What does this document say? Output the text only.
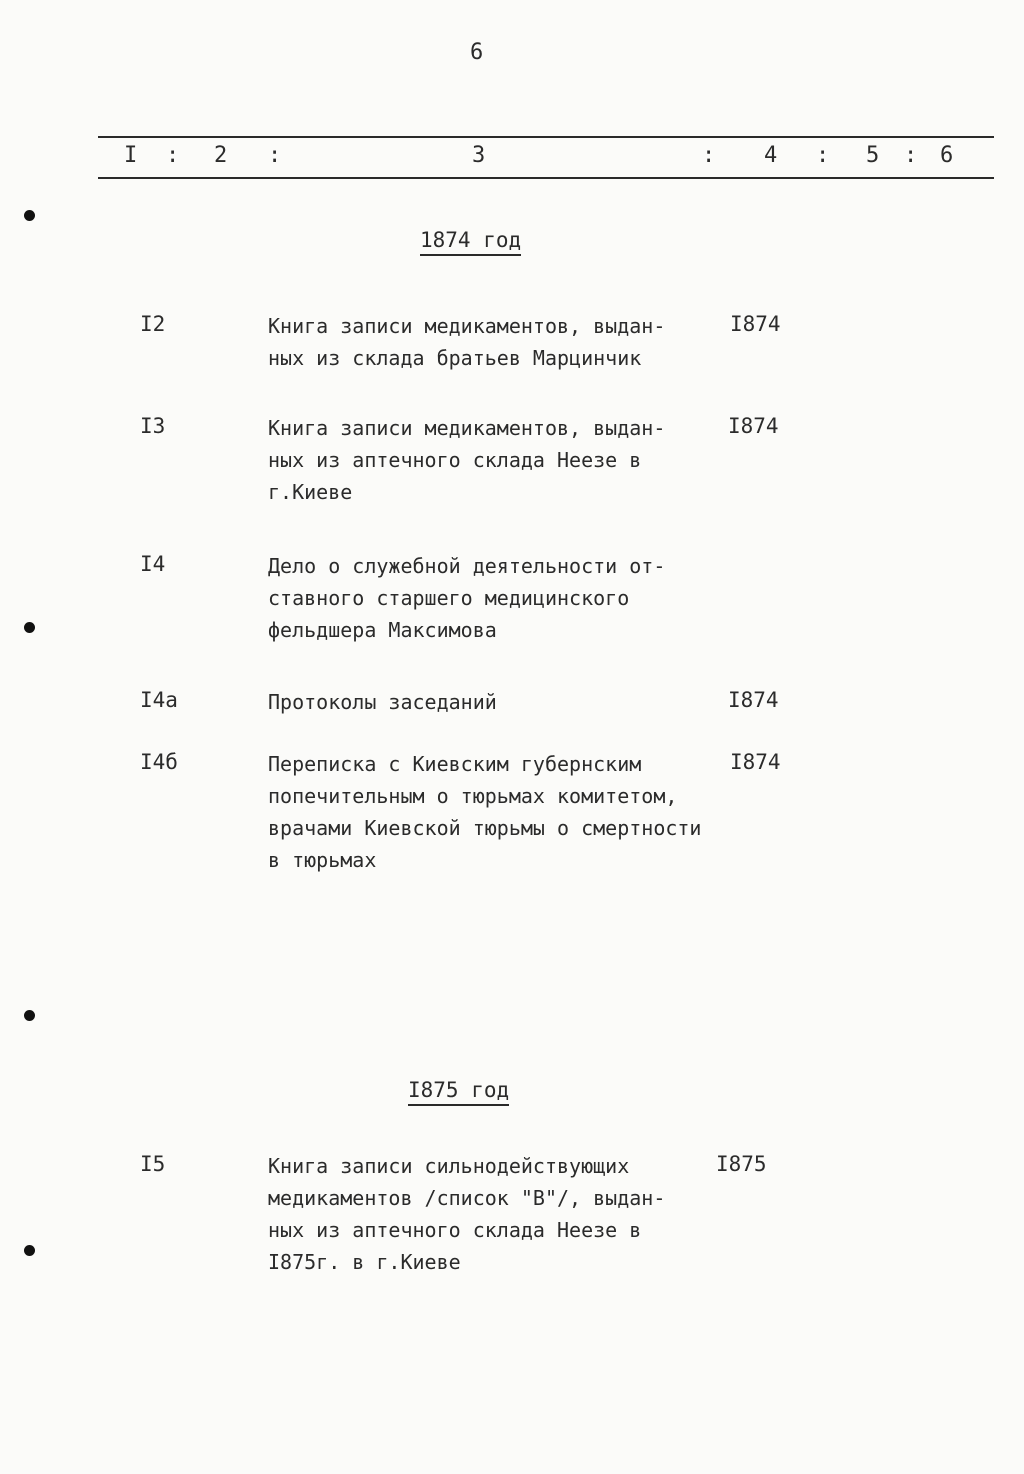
6
I : 2 :	3	: 4 : 5 : 6
1874 год
I2	Книга записи медикаментов, выдан-
ных из склада братьев Марцинчик
I874
I3	Книга записи медикаментов, выдан-
ных из аптечного склада Неезе в
г.Киеве
I874
I4	Дело о служебной деятельности от-
ставного старшего медицинского
фельдшера Максимова
I4а	Протоколы заседаний	I874
I4б	Переписка с Киевским губернским
попечительным о тюрьмах комитетом,
врачами Киевской тюрьмы о смертности
в тюрьмах
I874
I875 год
I5	Книга записи сильнодействующих
медикаментов /список "В"/, выдан-
ных из аптечного склада Неезе в
I875г. в г.Киеве
I875
